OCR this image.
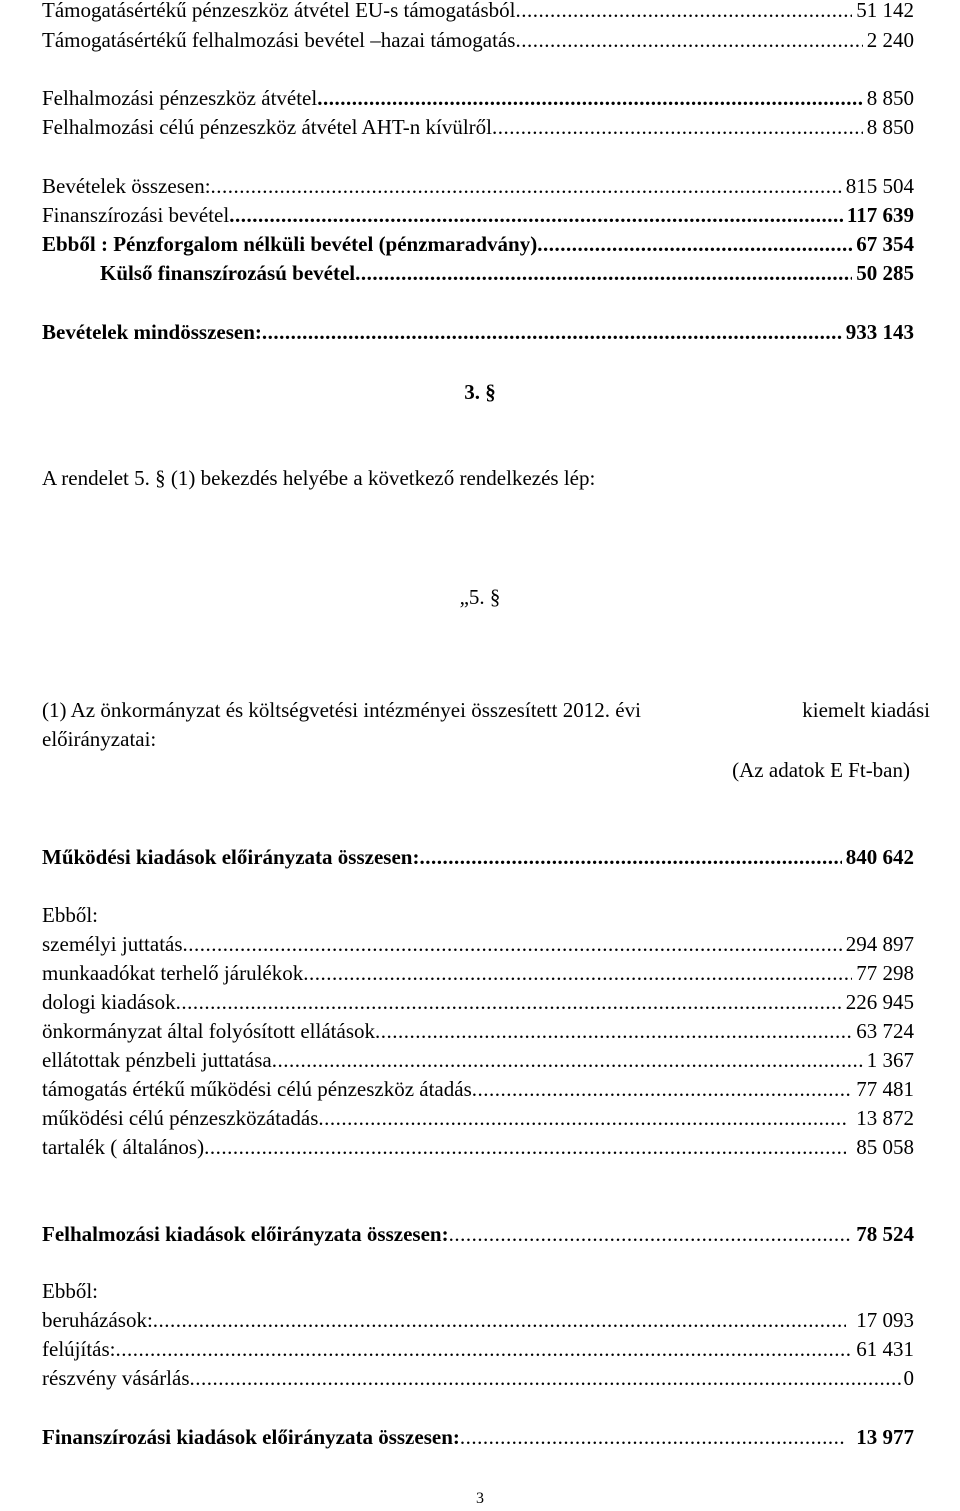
Támogatásértékű pénzeszköz átvétel EU-s támogatásból .....	51 142
Támogatásértékű felhalmozási bevétel –hazai támogatás .....	2 240
Felhalmozási pénzeszköz átvétel .....	8 850
Felhalmozási célú pénzeszköz átvétel AHT-n kívülről .....	8 850
Bevételek összesen: .....	815 504
Finanszírozási bevétel .....	117 639
Ebből : Pénzforgalom nélküli bevétel (pénzmaradvány) .....	67 354
Külső finanszírozású bevétel .....	50 285
Bevételek mindösszesen: .....	933 143
3. §
A rendelet 5. § (1) bekezdés helyébe a következő rendelkezés lép:
„5. §
(1) Az önkormányzat és költségvetési intézményei összesített 2012. évi	kiemelt kiadási
előirányzatai:
(Az adatok E Ft-ban)
Működési kiadások előirányzata összesen: .....	840 642
Ebből:
személyi juttatás .....	294 897
munkaadókat terhelő járulékok .....	77 298
dologi kiadások .....	226 945
önkormányzat által folyósított ellátások .....	63 724
ellátottak pénzbeli juttatása .....	1 367
támogatás értékű működési célú pénzeszköz átadás .....	77 481
működési célú pénzeszközátadás .....	13 872
tartalék ( általános) .....	85 058
Felhalmozási kiadások előirányzata összesen: .....	78 524
Ebből:
beruházások: .....	17 093
felújítás: .....	61 431
részvény vásárlás .....	0
Finanszírozási kiadások előirányzata összesen: .....	13 977
3
